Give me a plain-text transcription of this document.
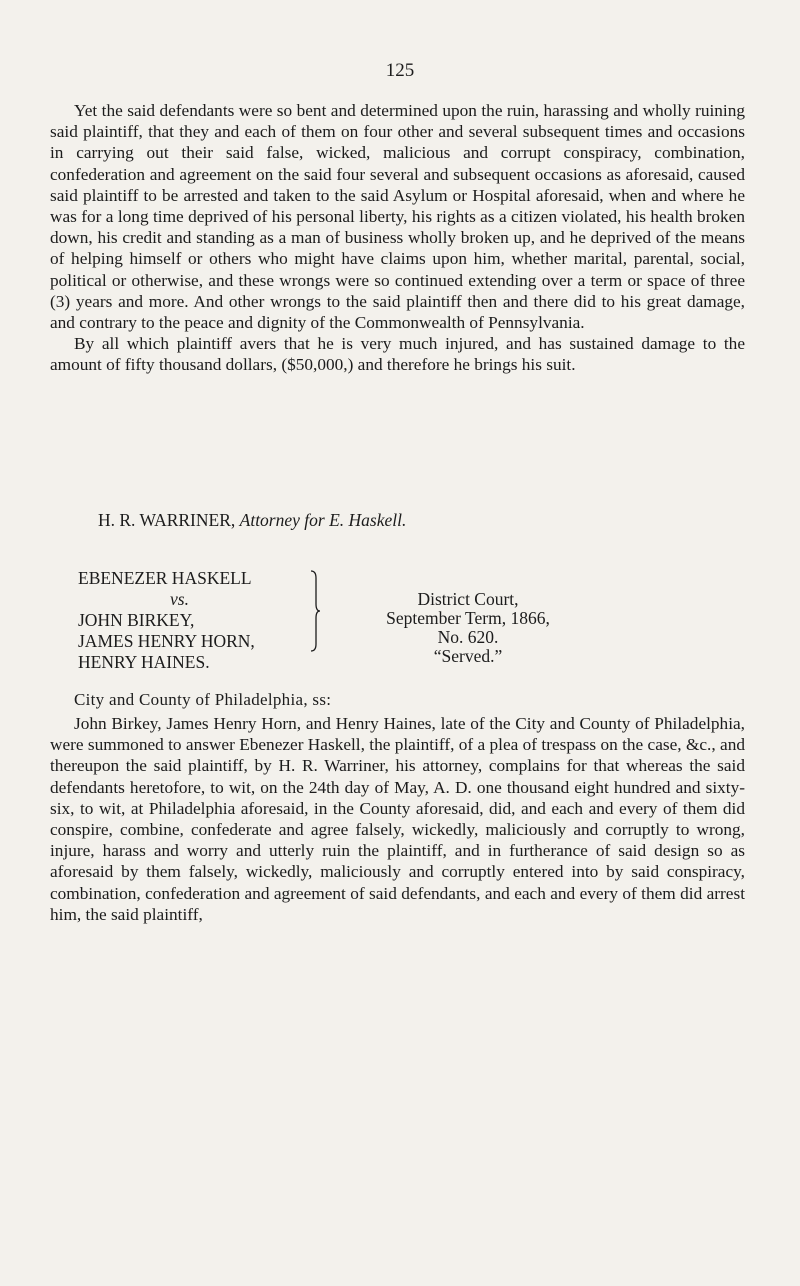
125

Yet the said defendants were so bent and determined upon the ruin, harassing and wholly ruining said plaintiff, that they and each of them on four other and several subsequent times and occasions in carrying out their said false, wicked, malicious and corrupt conspiracy, combination, confederation and agreement on the said four several and subsequent occasions as aforesaid, caused said plaintiff to be arrested and taken to the said Asylum or Hospital aforesaid, when and where he was for a long time deprived of his personal liberty, his rights as a citizen violated, his health broken down, his credit and standing as a man of business wholly broken up, and he deprived of the means of helping himself or others who might have claims upon him, whether marital, parental, social, political or otherwise, and these wrongs were so continued extending over a term or space of three (3) years and more. And other wrongs to the said plaintiff then and there did to his great damage, and contrary to the peace and dignity of the Commonwealth of Pennsylvania.

By all which plaintiff avers that he is very much injured, and has sustained damage to the amount of fifty thousand dollars, ($50,000,) and therefore he brings his suit.

H. R. WARRINER, Attorney for E. Haskell.
EBENEZER HASKELL
vs.
JOHN BIRKEY,
JAMES HENRY HORN,
HENRY HAINES.
District Court,
September Term, 1866,
No. 620.
“Served.”
City and County of Philadelphia, ss:

John Birkey, James Henry Horn, and Henry Haines, late of the City and County of Philadelphia, were summoned to answer Ebenezer Haskell, the plaintiff, of a plea of trespass on the case, &c., and thereupon the said plaintiff, by H. R. Warriner, his attorney, complains for that whereas the said defendants heretofore, to wit, on the 24th day of May, A. D. one thousand eight hundred and sixty-six, to wit, at Philadelphia aforesaid, in the County aforesaid, did, and each and every of them did conspire, combine, confederate and agree falsely, wickedly, maliciously and corruptly to wrong, injure, harass and worry and utterly ruin the plaintiff, and in furtherance of said design so as aforesaid by them falsely, wickedly, maliciously and corruptly entered into by said conspiracy, combination, confederation and agreement of said defendants, and each and every of them did arrest him, the said plaintiff,
